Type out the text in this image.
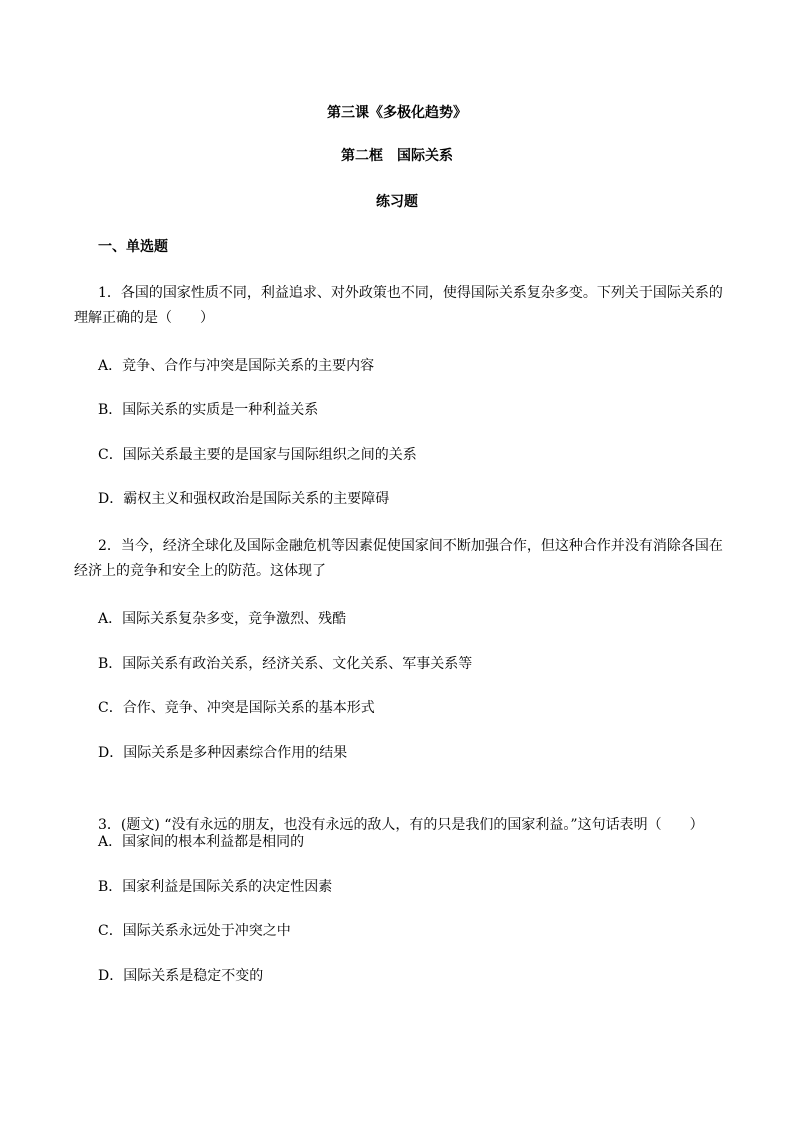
第三课《多极化趋势》
第二框　国际关系
练习题
一、单选题
1．各国的国家性质不同，利益追求、对外政策也不同，使得国际关系复杂多变。下列关于国际关系的理解正确的是（　　）
A．竞争、合作与冲突是国际关系的主要内容
B．国际关系的实质是一种利益关系
C．国际关系最主要的是国家与国际组织之间的关系
D．霸权主义和强权政治是国际关系的主要障碍
2．当今，经济全球化及国际金融危机等因素促使国家间不断加强合作，但这种合作并没有消除各国在经济上的竞争和安全上的防范。这体现了
A．国际关系复杂多变，竞争激烈、残酷
B．国际关系有政治关系，经济关系、文化关系、军事关系等
C．合作、竞争、冲突是国际关系的基本形式
D．国际关系是多种因素综合作用的结果
3．(题文) “没有永远的朋友，也没有永远的敌人，有的只是我们的国家利益。”这句话表明（　　）
A．国家间的根本利益都是相同的
B．国家利益是国际关系的决定性因素
C．国际关系永远处于冲突之中
D．国际关系是稳定不变的
